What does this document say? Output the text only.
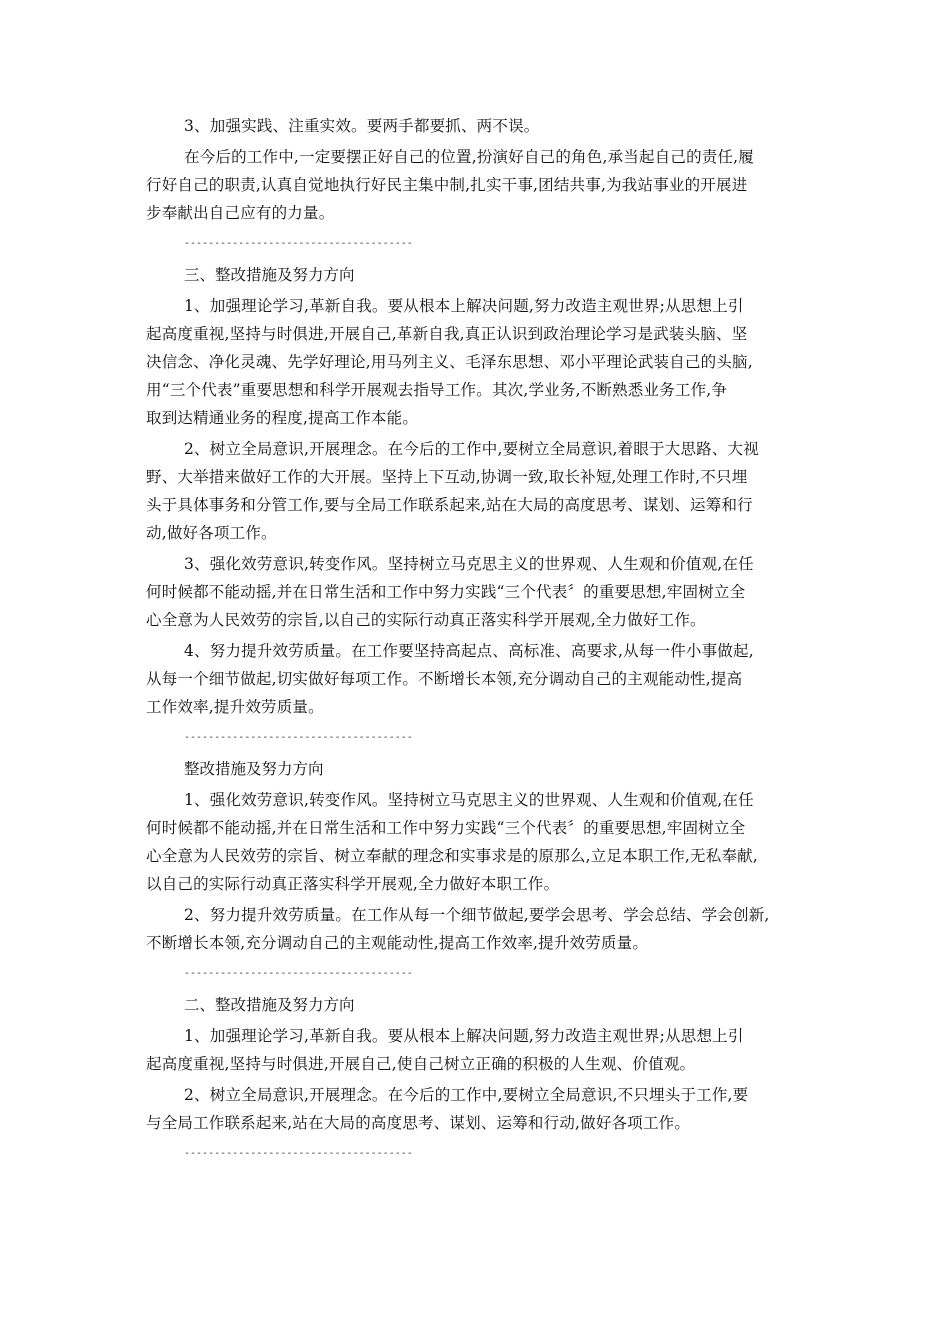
3、加强实践、注重实效。要两手都要抓、两不误。
在今后的工作中,一定要摆正好自己的位置,扮演好自己的角色,承当起自己的责任,履
行好自己的职责,认真自觉地执行好民主集中制,扎实干事,团结共事,为我站事业的开展进
步奉献出自己应有的力量。
--------------------------------------
三、整改措施及努力方向
1、加强理论学习,革新自我。要从根本上解决问题,努力改造主观世界;从思想上引
起高度重视,坚持与时俱进,开展自己,革新自我,真正认识到政治理论学习是武装头脑、坚
决信念、净化灵魂、先学好理论,用马列主义、毛泽东思想、邓小平理论武装自己的头脑,
用“三个代表”重要思想和科学开展观去指导工作。其次,学业务,不断熟悉业务工作,争
取到达精通业务的程度,提高工作本能。
2、树立全局意识,开展理念。在今后的工作中,要树立全局意识,着眼于大思路、大视
野、大举措来做好工作的大开展。坚持上下互动,协调一致,取长补短,处理工作时,不只埋
头于具体事务和分管工作,要与全局工作联系起来,站在大局的高度思考、谋划、运筹和行
动,做好各项工作。
3、强化效劳意识,转变作风。坚持树立马克思主义的世界观、人生观和价值观,在任
何时候都不能动摇,并在日常生活和工作中努力实践“三个代表〞的重要思想,牢固树立全
心全意为人民效劳的宗旨,以自己的实际行动真正落实科学开展观,全力做好工作。
4、努力提升效劳质量。在工作要坚持高起点、高标准、高要求,从每一件小事做起,
从每一个细节做起,切实做好每项工作。不断增长本领,充分调动自己的主观能动性,提高
工作效率,提升效劳质量。
--------------------------------------
整改措施及努力方向
1、强化效劳意识,转变作风。坚持树立马克思主义的世界观、人生观和价值观,在任
何时候都不能动摇,并在日常生活和工作中努力实践“三个代表〞的重要思想,牢固树立全
心全意为人民效劳的宗旨、树立奉献的理念和实事求是的原那么,立足本职工作,无私奉献,
以自己的实际行动真正落实科学开展观,全力做好本职工作。
2、努力提升效劳质量。在工作从每一个细节做起,要学会思考、学会总结、学会创新,
不断增长本领,充分调动自己的主观能动性,提高工作效率,提升效劳质量。
--------------------------------------
二、整改措施及努力方向
1、加强理论学习,革新自我。要从根本上解决问题,努力改造主观世界;从思想上引
起高度重视,坚持与时俱进,开展自己,使自己树立正确的积极的人生观、价值观。
2、树立全局意识,开展理念。在今后的工作中,要树立全局意识,不只埋头于工作,要
与全局工作联系起来,站在大局的高度思考、谋划、运筹和行动,做好各项工作。
--------------------------------------
